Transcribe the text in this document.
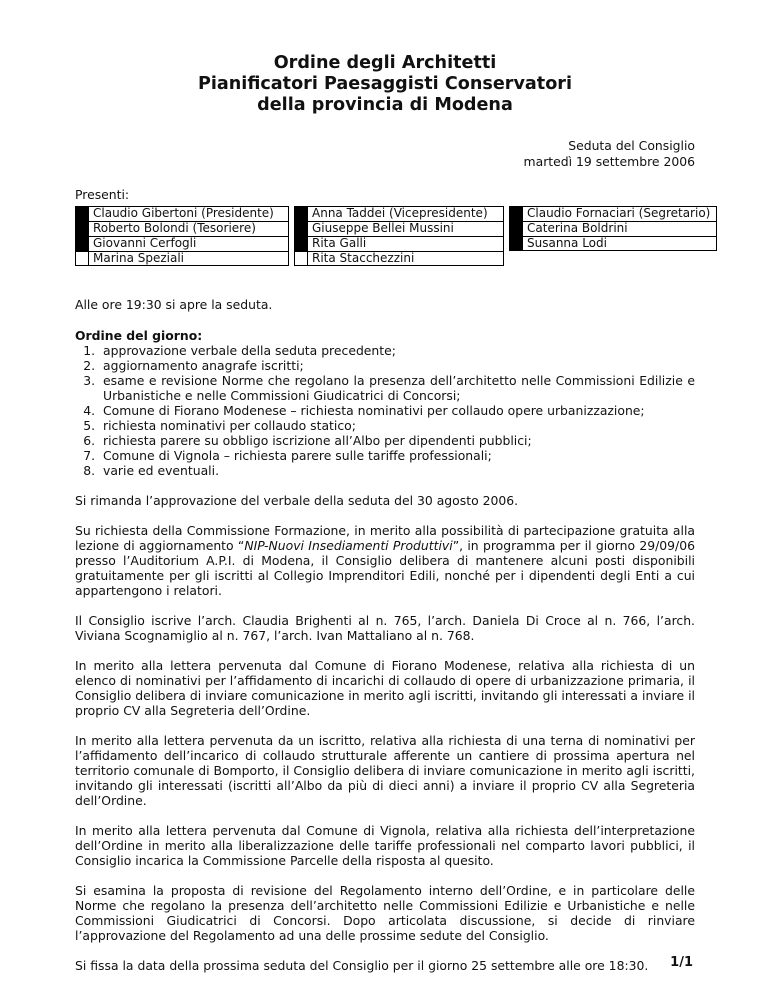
Ordine degli Architetti
Pianificatori Paesaggisti Conservatori
della provincia di Modena
Seduta del Consiglio
martedì 19 settembre 2006
Presenti:
Claudio Gibertoni (Presidente)
Roberto Bolondi (Tesoriere)
Giovanni Cerfogli
Marina Speziali
Anna Taddei (Vicepresidente)
Giuseppe Bellei Mussini
Rita Galli
Rita Stacchezzini
Claudio Fornaciari (Segretario)
Caterina Boldrini
Susanna Lodi

Alle ore 19:30 si apre la seduta.

Ordine del giorno:
1. approvazione verbale della seduta precedente;
2. aggiornamento anagrafe iscritti;
3. esame e revisione Norme che regolano la presenza dell’architetto nelle Commissioni Edilizie e Urbanistiche e nelle Commissioni Giudicatrici di Concorsi;
4. Comune di Fiorano Modenese – richiesta nominativi per collaudo opere urbanizzazione;
5. richiesta nominativi per collaudo statico;
6. richiesta parere su obbligo iscrizione all’Albo per dipendenti pubblici;
7. Comune di Vignola – richiesta parere sulle tariffe professionali;
8. varie ed eventuali.

Si rimanda l’approvazione del verbale della seduta del 30 agosto 2006.

Su richiesta della Commissione Formazione, in merito alla possibilità di partecipazione gratuita alla lezione di aggiornamento “NIP-Nuovi Insediamenti Produttivi”, in programma per il giorno 29/09/06 presso l’Auditorium A.P.I. di Modena, il Consiglio delibera di mantenere alcuni posti disponibili gratuitamente per gli iscritti al Collegio Imprenditori Edili, nonché per i dipendenti degli Enti a cui appartengono i relatori.

Il Consiglio iscrive l’arch. Claudia Brighenti al n. 765, l’arch. Daniela Di Croce al n. 766, l’arch. Viviana Scognamiglio al n. 767, l’arch. Ivan Mattaliano al n. 768.

In merito alla lettera pervenuta dal Comune di Fiorano Modenese, relativa alla richiesta di un elenco di nominativi per l’affidamento di incarichi di collaudo di opere di urbanizzazione primaria, il Consiglio delibera di inviare comunicazione in merito agli iscritti, invitando gli interessati a inviare il proprio CV alla Segreteria dell’Ordine.

In merito alla lettera pervenuta da un iscritto, relativa alla richiesta di una terna di nominativi per l’affidamento dell’incarico di collaudo strutturale afferente un cantiere di prossima apertura nel territorio comunale di Bomporto, il Consiglio delibera di inviare comunicazione in merito agli iscritti, invitando gli interessati (iscritti all’Albo da più di dieci anni) a inviare il proprio CV alla Segreteria dell’Ordine.

In merito alla lettera pervenuta dal Comune di Vignola, relativa alla richiesta dell’interpretazione dell’Ordine in merito alla liberalizzazione delle tariffe professionali nel comparto lavori pubblici, il Consiglio incarica la Commissione Parcelle della risposta al quesito.

Si esamina la proposta di revisione del Regolamento interno dell’Ordine, e in particolare delle Norme che regolano la presenza dell’architetto nelle Commissioni Edilizie e Urbanistiche e nelle Commissioni Giudicatrici di Concorsi. Dopo articolata discussione, si decide di rinviare l’approvazione del Regolamento ad una delle prossime sedute del Consiglio.

Si fissa la data della prossima seduta del Consiglio per il giorno 25 settembre alle ore 18:30.	1/1
